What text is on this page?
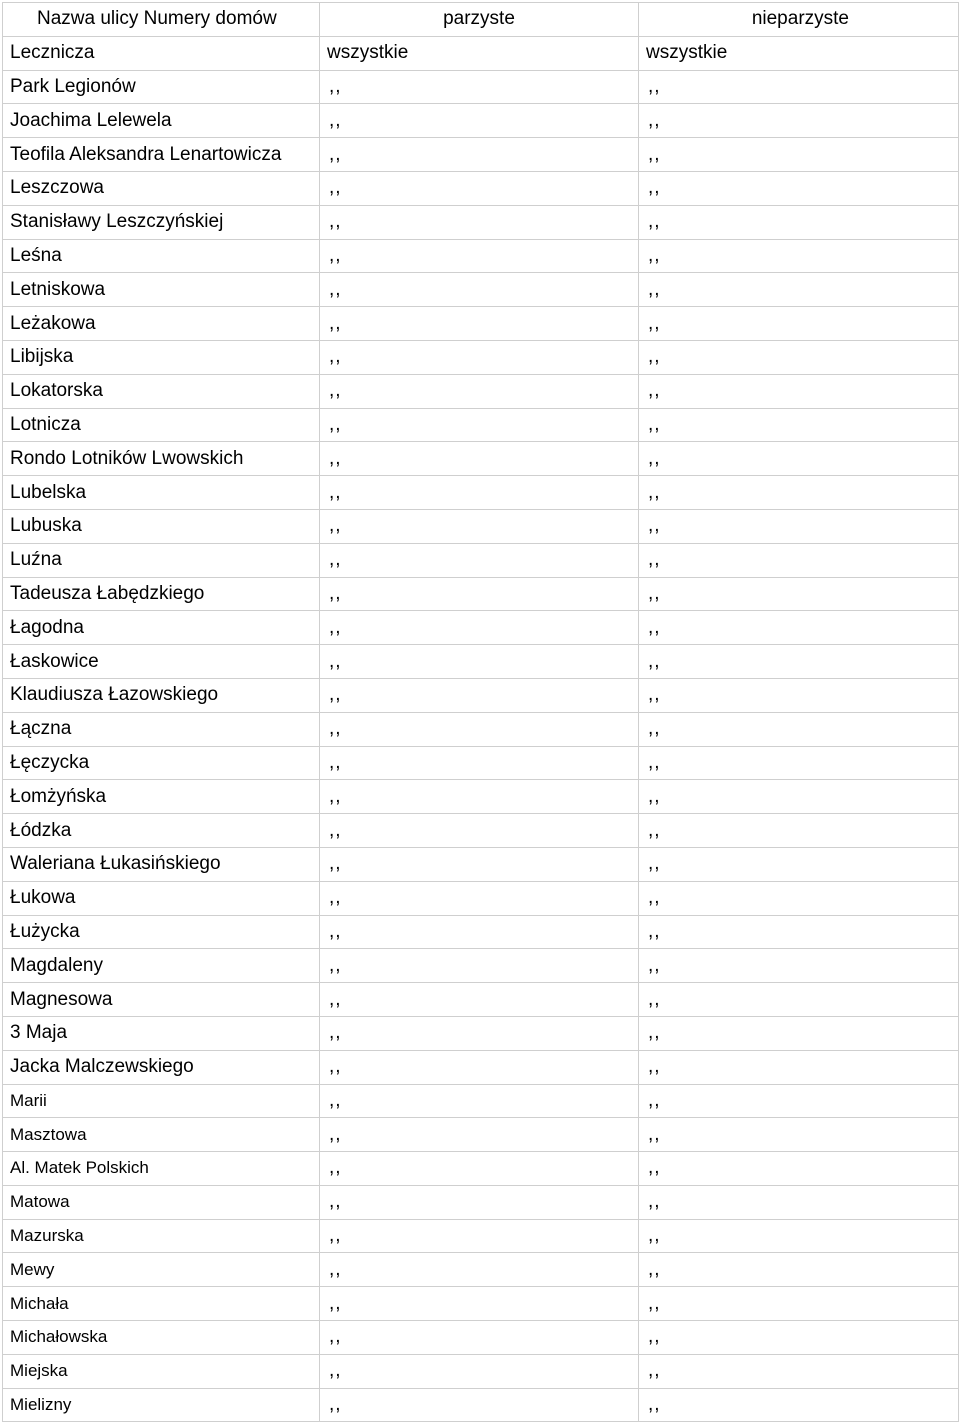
Nazwa ulicy Numery domów	parzyste	nieparzyste
Lecznicza	wszystkie	wszystkie
Park Legionów	,,	,,
Joachima Lelewela	,,	,,
Teofila Aleksandra Lenartowicza	,,	,,
Leszczowa	,,	,,
Stanisławy Leszczyńskiej	,,	,,
Leśna	,,	,,
Letniskowa	,,	,,
Leżakowa	,,	,,
Libijska	,,	,,
Lokatorska	,,	,,
Lotnicza	,,	,,
Rondo Lotników Lwowskich	,,	,,
Lubelska	,,	,,
Lubuska	,,	,,
Luźna	,,	,,
Tadeusza Łabędzkiego	,,	,,
Łagodna	,,	,,
Łaskowice	,,	,,
Klaudiusza Łazowskiego	,,	,,
Łączna	,,	,,
Łęczycka	,,	,,
Łomżyńska	,,	,,
Łódzka	,,	,,
Waleriana Łukasińskiego	,,	,,
Łukowa	,,	,,
Łużycka	,,	,,
Magdaleny	,,	,,
Magnesowa	,,	,,
3 Maja	,,	,,
Jacka Malczewskiego	,,	,,
Marii	,,	,,
Masztowa	,,	,,
Al. Matek Polskich	,,	,,
Matowa	,,	,,
Mazurska	,,	,,
Mewy	,,	,,
Michała	,,	,,
Michałowska	,,	,,
Miejska	,,	,,
Mielizny	,,	,,
